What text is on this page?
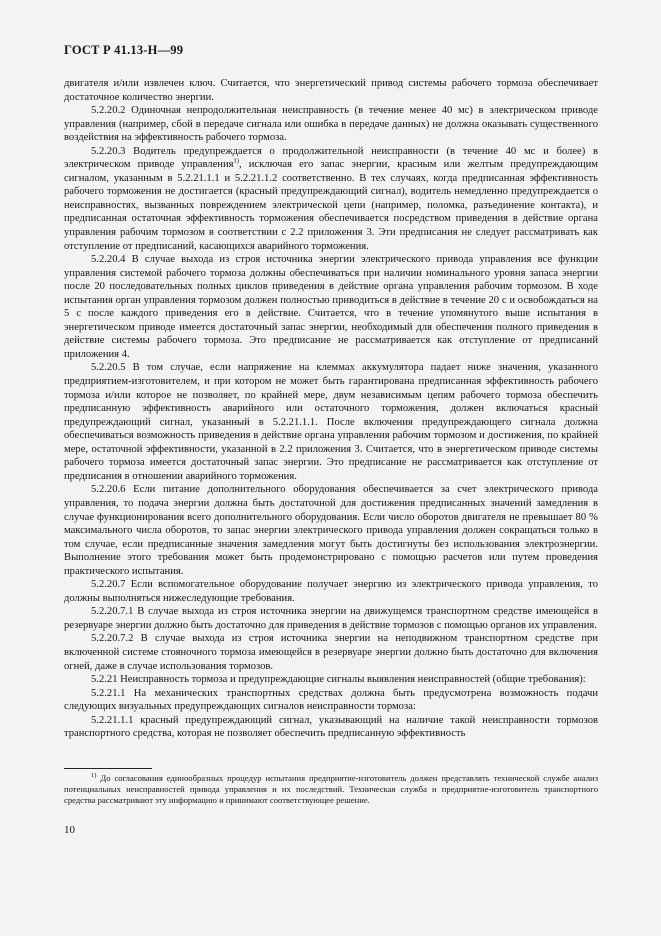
ГОСТ Р 41.13-Н—99

двигателя и/или извлечен ключ. Считается, что энергетический привод системы рабочего тормоза обеспечивает достаточное количество энергии.

5.2.20.2 Одиночная непродолжительная неисправность (в течение менее 40 мс) в электрическом приводе управления (например, сбой в передаче сигнала или ошибка в передаче данных) не должна оказывать существенного воздействия на эффективность рабочего тормоза.

5.2.20.3 Водитель предупреждается о продолжительной неисправности (в течение 40 мс и более) в электрическом приводе управления$^{1)}$, исключая его запас энергии, красным или желтым предупреждающим сигналом, указанным в 5.2.21.1.1 и 5.2.21.1.2 соответственно. В тех случаях, когда предписанная эффективность рабочего торможения не достигается (красный предупреждающий сигнал), водитель немедленно предупреждается о неисправностях, вызванных повреждением электрической цепи (например, поломка, разъединение контакта), и предписанная остаточная эффективность торможения обеспечивается посредством приведения в действие органа управления рабочим тормозом в соответствии с 2.2 приложения 3. Эти предписания не следует рассматривать как отступление от предписаний, касающихся аварийного торможения.

5.2.20.4 В случае выхода из строя источника энергии электрического привода управления все функции управления системой рабочего тормоза должны обеспечиваться при наличии номинального уровня запаса энергии после 20 последовательных полных циклов приведения в действие органа управления рабочим тормозом. В ходе испытания орган управления тормозом должен полностью приводиться в действие в течение 20 с и освобождаться на 5 с после каждого приведения его в действие. Считается, что в течение упомянутого выше испытания в энергетическом приводе имеется достаточный запас энергии, необходимый для обеспечения полного приведения в действие системы рабочего тормоза. Это предписание не рассматривается как отступление от предписаний приложения 4.

5.2.20.5 В том случае, если напряжение на клеммах аккумулятора падает ниже значения, указанного предприятием-изготовителем, и при котором не может быть гарантирована предписанная эффективность рабочего тормоза и/или которое не позволяет, по крайней мере, двум независимым цепям рабочего тормоза обеспечить предписанную эффективность аварийного или остаточного торможения, должен включаться красный предупреждающий сигнал, указанный в 5.2.21.1.1. После включения предупреждающего сигнала должна обеспечиваться возможность приведения в действие органа управления рабочим тормозом и достижения, по крайней мере, остаточной эффективности, указанной в 2.2 приложения 3. Считается, что в энергетическом приводе системы рабочего тормоза имеется достаточный запас энергии. Это предписание не рассматривается как отступление от предписания в отношении аварийного торможения.

5.2.20.6 Если питание дополнительного оборудования обеспечивается за счет электрического привода управления, то подача энергии должна быть достаточной для достижения предписанных значений замедления в случае функционирования всего дополнительного оборудования. Если число оборотов двигателя не превышает 80 % максимального числа оборотов, то запас энергии электрического привода управления должен сокращаться только в том случае, если предписанные значения замедления могут быть достигнуты без использования электроэнергии. Выполнение этого требования может быть продемонстрировано с помощью расчетов или путем проведения практического испытания.

5.2.20.7 Если вспомогательное оборудование получает энергию из электрического привода управления, то должны выполняться нижеследующие требования.

5.2.20.7.1 В случае выхода из строя источника энергии на движущемся транспортном средстве имеющейся в резервуаре энергии должно быть достаточно для приведения в действие тормозов с помощью органов их управления.

5.2.20.7.2 В случае выхода из строя источника энергии на неподвижном транспортном средстве при включенной системе стояночного тормоза имеющейся в резервуаре энергии должно быть достаточно для включения огней, даже в случае использования тормозов.

5.2.21 Неисправность тормоза и предупреждающие сигналы выявления неисправностей (общие требования):

5.2.21.1 На механических транспортных средствах должна быть предусмотрена возможность подачи следующих визуальных предупреждающих сигналов неисправности тормоза:

5.2.21.1.1 красный предупреждающий сигнал, указывающий на наличие такой неисправности тормозов транспортного средства, которая не позволяет обеспечить предписанную эффективность

$^{1)}$ До согласования единообразных процедур испытания предприятие-изготовитель должен представлять технической службе анализ потенциальных неисправностей привода управления и их последствий. Техническая служба и предприятие-изготовитель транспортного средства рассматривают эту информацию и принимают соответствующее решение.

10
